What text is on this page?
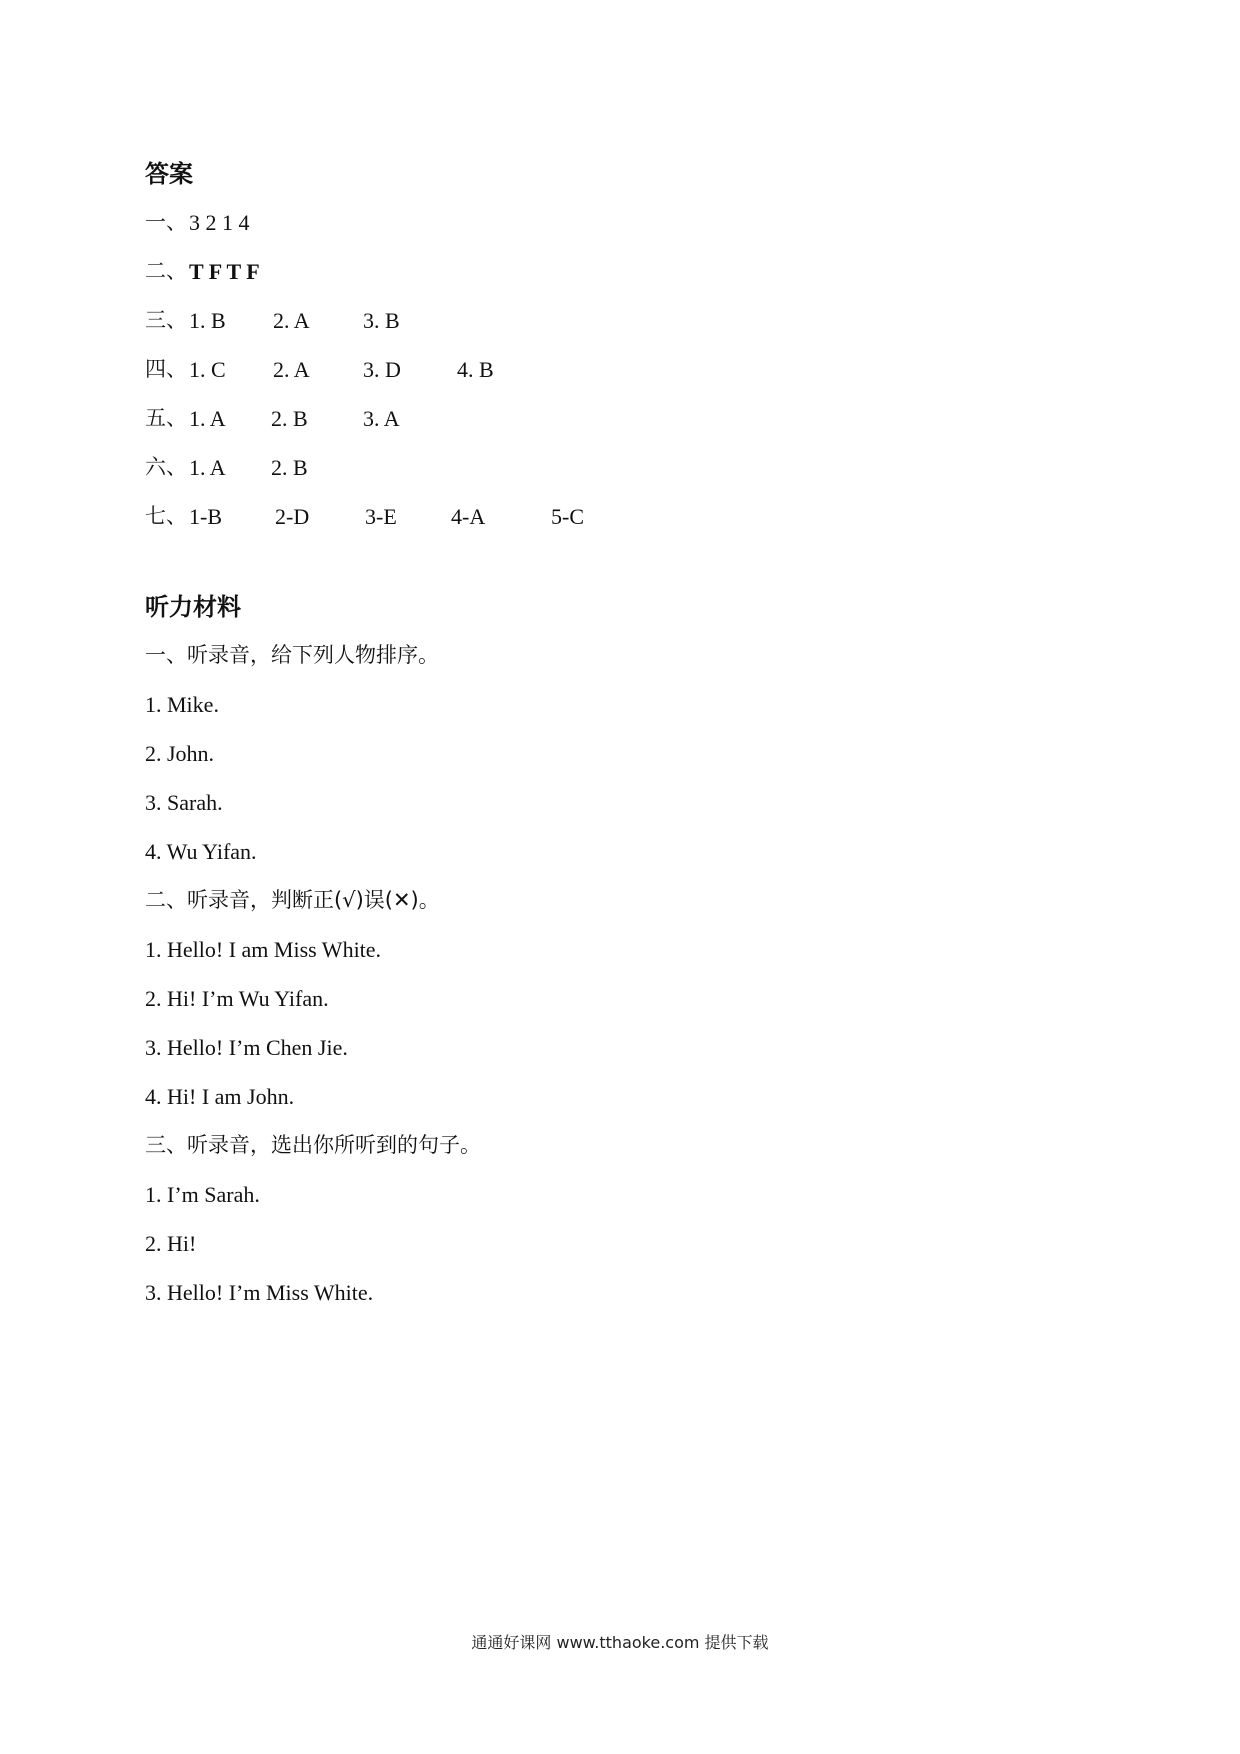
答案
一、 3 2 1 4
二、 T F T F
三、 1. B 2. A 3. B
四、 1. C 2. A 3. D	4. B
五、 1. A 2. B	3. A
六、 1. A 2. B
七、 1-B 2-D	3-E 4-A	5-C
听力材料
一、听录音，给下列人物排序。
1. Mike.
2. John.
3. Sarah.
4. Wu Yifan.
二、听录音，判断正(√)误(✕)。
1. Hello! I am Miss White.
2. Hi! I’m Wu Yifan.
3. Hello! I’m Chen Jie.
4. Hi! I am John.
三、听录音，选出你所听到的句子。
1. I’m Sarah.
2. Hi!
3. Hello! I’m Miss White.
通通好课网 www.tthaoke.com 提供下载
